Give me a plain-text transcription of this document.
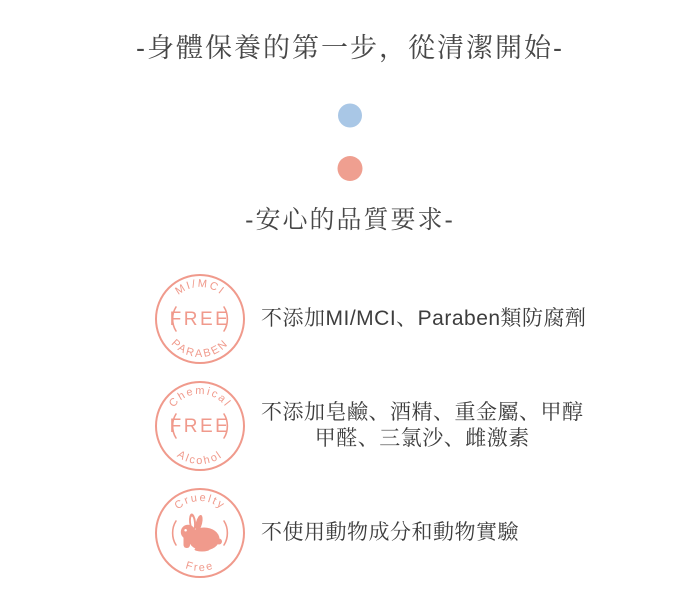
-身體保養的第一步，從清潔開始-
-安心的品質要求-
MI/MCI
PARABEN
FREE 不添加MI/MCI、Paraben類防腐劑

Chemical
Alcohol
FREE

不添加皂鹼、酒精、重金屬、甲醇

甲醛、三氯沙、雌激素

Cruelty
Free

不使用動物成分和動物實驗
